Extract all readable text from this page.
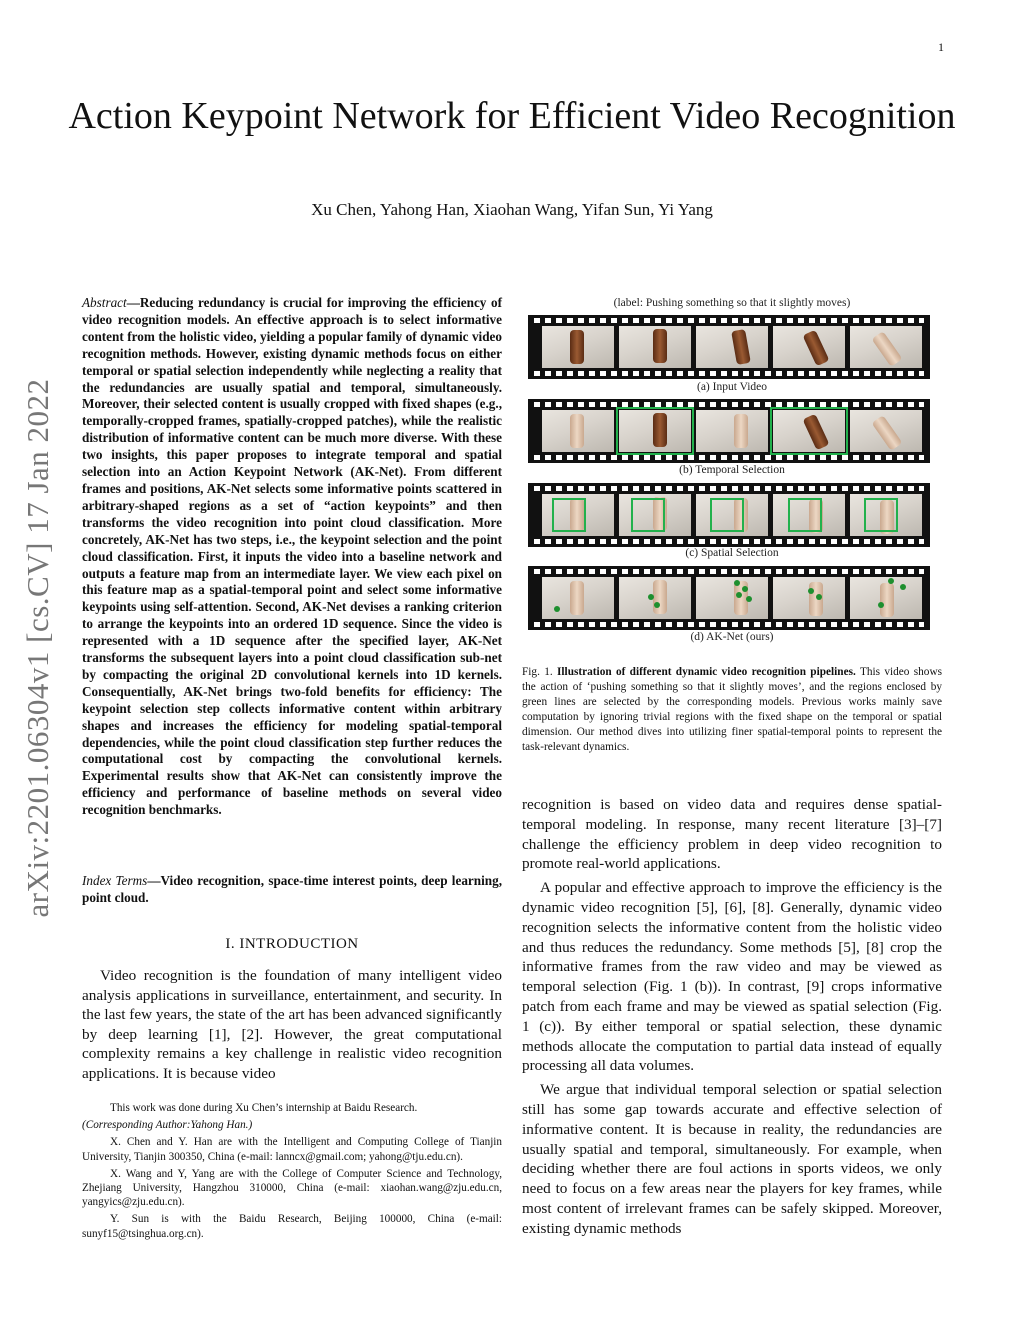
1
Action Keypoint Network for Efficient Video Recognition
Xu Chen, Yahong Han, Xiaohan Wang, Yifan Sun, Yi Yang
arXiv:2201.06304v1 [cs.CV] 17 Jan 2022
Abstract—Reducing redundancy is crucial for improving the efficiency of video recognition models. An effective approach is to select informative content from the holistic video, yielding a popular family of dynamic video recognition methods. However, existing dynamic methods focus on either temporal or spatial selection independently while neglecting a reality that the redundancies are usually spatial and temporal, simultaneously. Moreover, their selected content is usually cropped with fixed shapes (e.g., temporally-cropped frames, spatially-cropped patches), while the realistic distribution of informative content can be much more diverse. With these two insights, this paper proposes to integrate temporal and spatial selection into an Action Keypoint Network (AK-Net). From different frames and positions, AK-Net selects some informative points scattered in arbitrary-shaped regions as a set of “action keypoints” and then transforms the video recognition into point cloud classification. More concretely, AK-Net has two steps, i.e., the keypoint selection and the point cloud classification. First, it inputs the video into a baseline network and outputs a feature map from an intermediate layer. We view each pixel on this feature map as a spatial-temporal point and select some informative keypoints using self-attention. Second, AK-Net devises a ranking criterion to arrange the keypoints into an ordered 1D sequence. Since the video is represented with a 1D sequence after the specified layer, AK-Net transforms the subsequent layers into a point cloud classification sub-net by compacting the original 2D convolutional kernels into 1D kernels. Consequentially, AK-Net brings two-fold benefits for efficiency: The keypoint selection step collects informative content within arbitrary shapes and increases the efficiency for modeling spatial-temporal dependencies, while the point cloud classification step further reduces the computational cost by compacting the convolutional kernels. Experimental results show that AK-Net can consistently improve the efficiency and performance of baseline methods on several video recognition benchmarks.
Index Terms—Video recognition, space-time interest points, deep learning, point cloud.
I. INTRODUCTION
Video recognition is the foundation of many intelligent video analysis applications in surveillance, entertainment, and security. In the last few years, the state of the art has been advanced significantly by deep learning [1], [2]. However, the great computational complexity remains a key challenge in realistic video recognition applications. It is because video

This work was done during Xu Chen’s internship at Baidu Research.

(Corresponding Author:Yahong Han.)

X. Chen and Y. Han are with the Intelligent and Computing College of Tianjin University, Tianjin 300350, China (e-mail: lanncx@gmail.com; yahong@tju.edu.cn).

X. Wang and Y, Yang are with the College of Computer Science and Technology, Zhejiang University, Hangzhou 310000, China (e-mail: xiaohan.wang@zju.edu.cn, yangyics@zju.edu.cn).

Y. Sun is with the Baidu Research, Beijing 100000, China (e-mail: sunyf15@tsinghua.org.cn).

(label: Pushing something so that it slightly moves)
(a) Input Video
(b) Temporal Selection
(c) Spatial Selection
(d) AK-Net (ours)
Fig. 1. Illustration of different dynamic video recognition pipelines. This video shows the action of ‘pushing something so that it slightly moves’, and the regions enclosed by green lines are selected by the corresponding models. Previous works mainly save computation by ignoring trivial regions with the fixed shape on the temporal or spatial dimension. Our method dives into utilizing finer spatial-temporal points to represent the task-relevant dynamics.

recognition is based on video data and requires dense spatial-temporal modeling. In response, many recent literature [3]–[7] challenge the efficiency problem in deep video recognition to promote real-world applications.

A popular and effective approach to improve the efficiency is the dynamic video recognition [5], [6], [8]. Generally, dynamic video recognition selects the informative content from the holistic video and thus reduces the redundancy. Some methods [5], [8] crop the informative frames from the raw video and may be viewed as temporal selection (Fig. 1 (b)). In contrast, [9] crops informative patch from each frame and may be viewed as spatial selection (Fig. 1 (c)). By either temporal or spatial selection, these dynamic methods allocate the computation to partial data instead of equally processing all data volumes.

We argue that individual temporal selection or spatial selection still has some gap towards accurate and effective selection of informative content. It is because in reality, the redundancies are usually spatial and temporal, simultaneously. For example, when deciding whether there are foul actions in sports videos, we only need to focus on a few areas near the players for key frames, while most content of irrelevant frames can be safely skipped. Moreover, existing dynamic methods
